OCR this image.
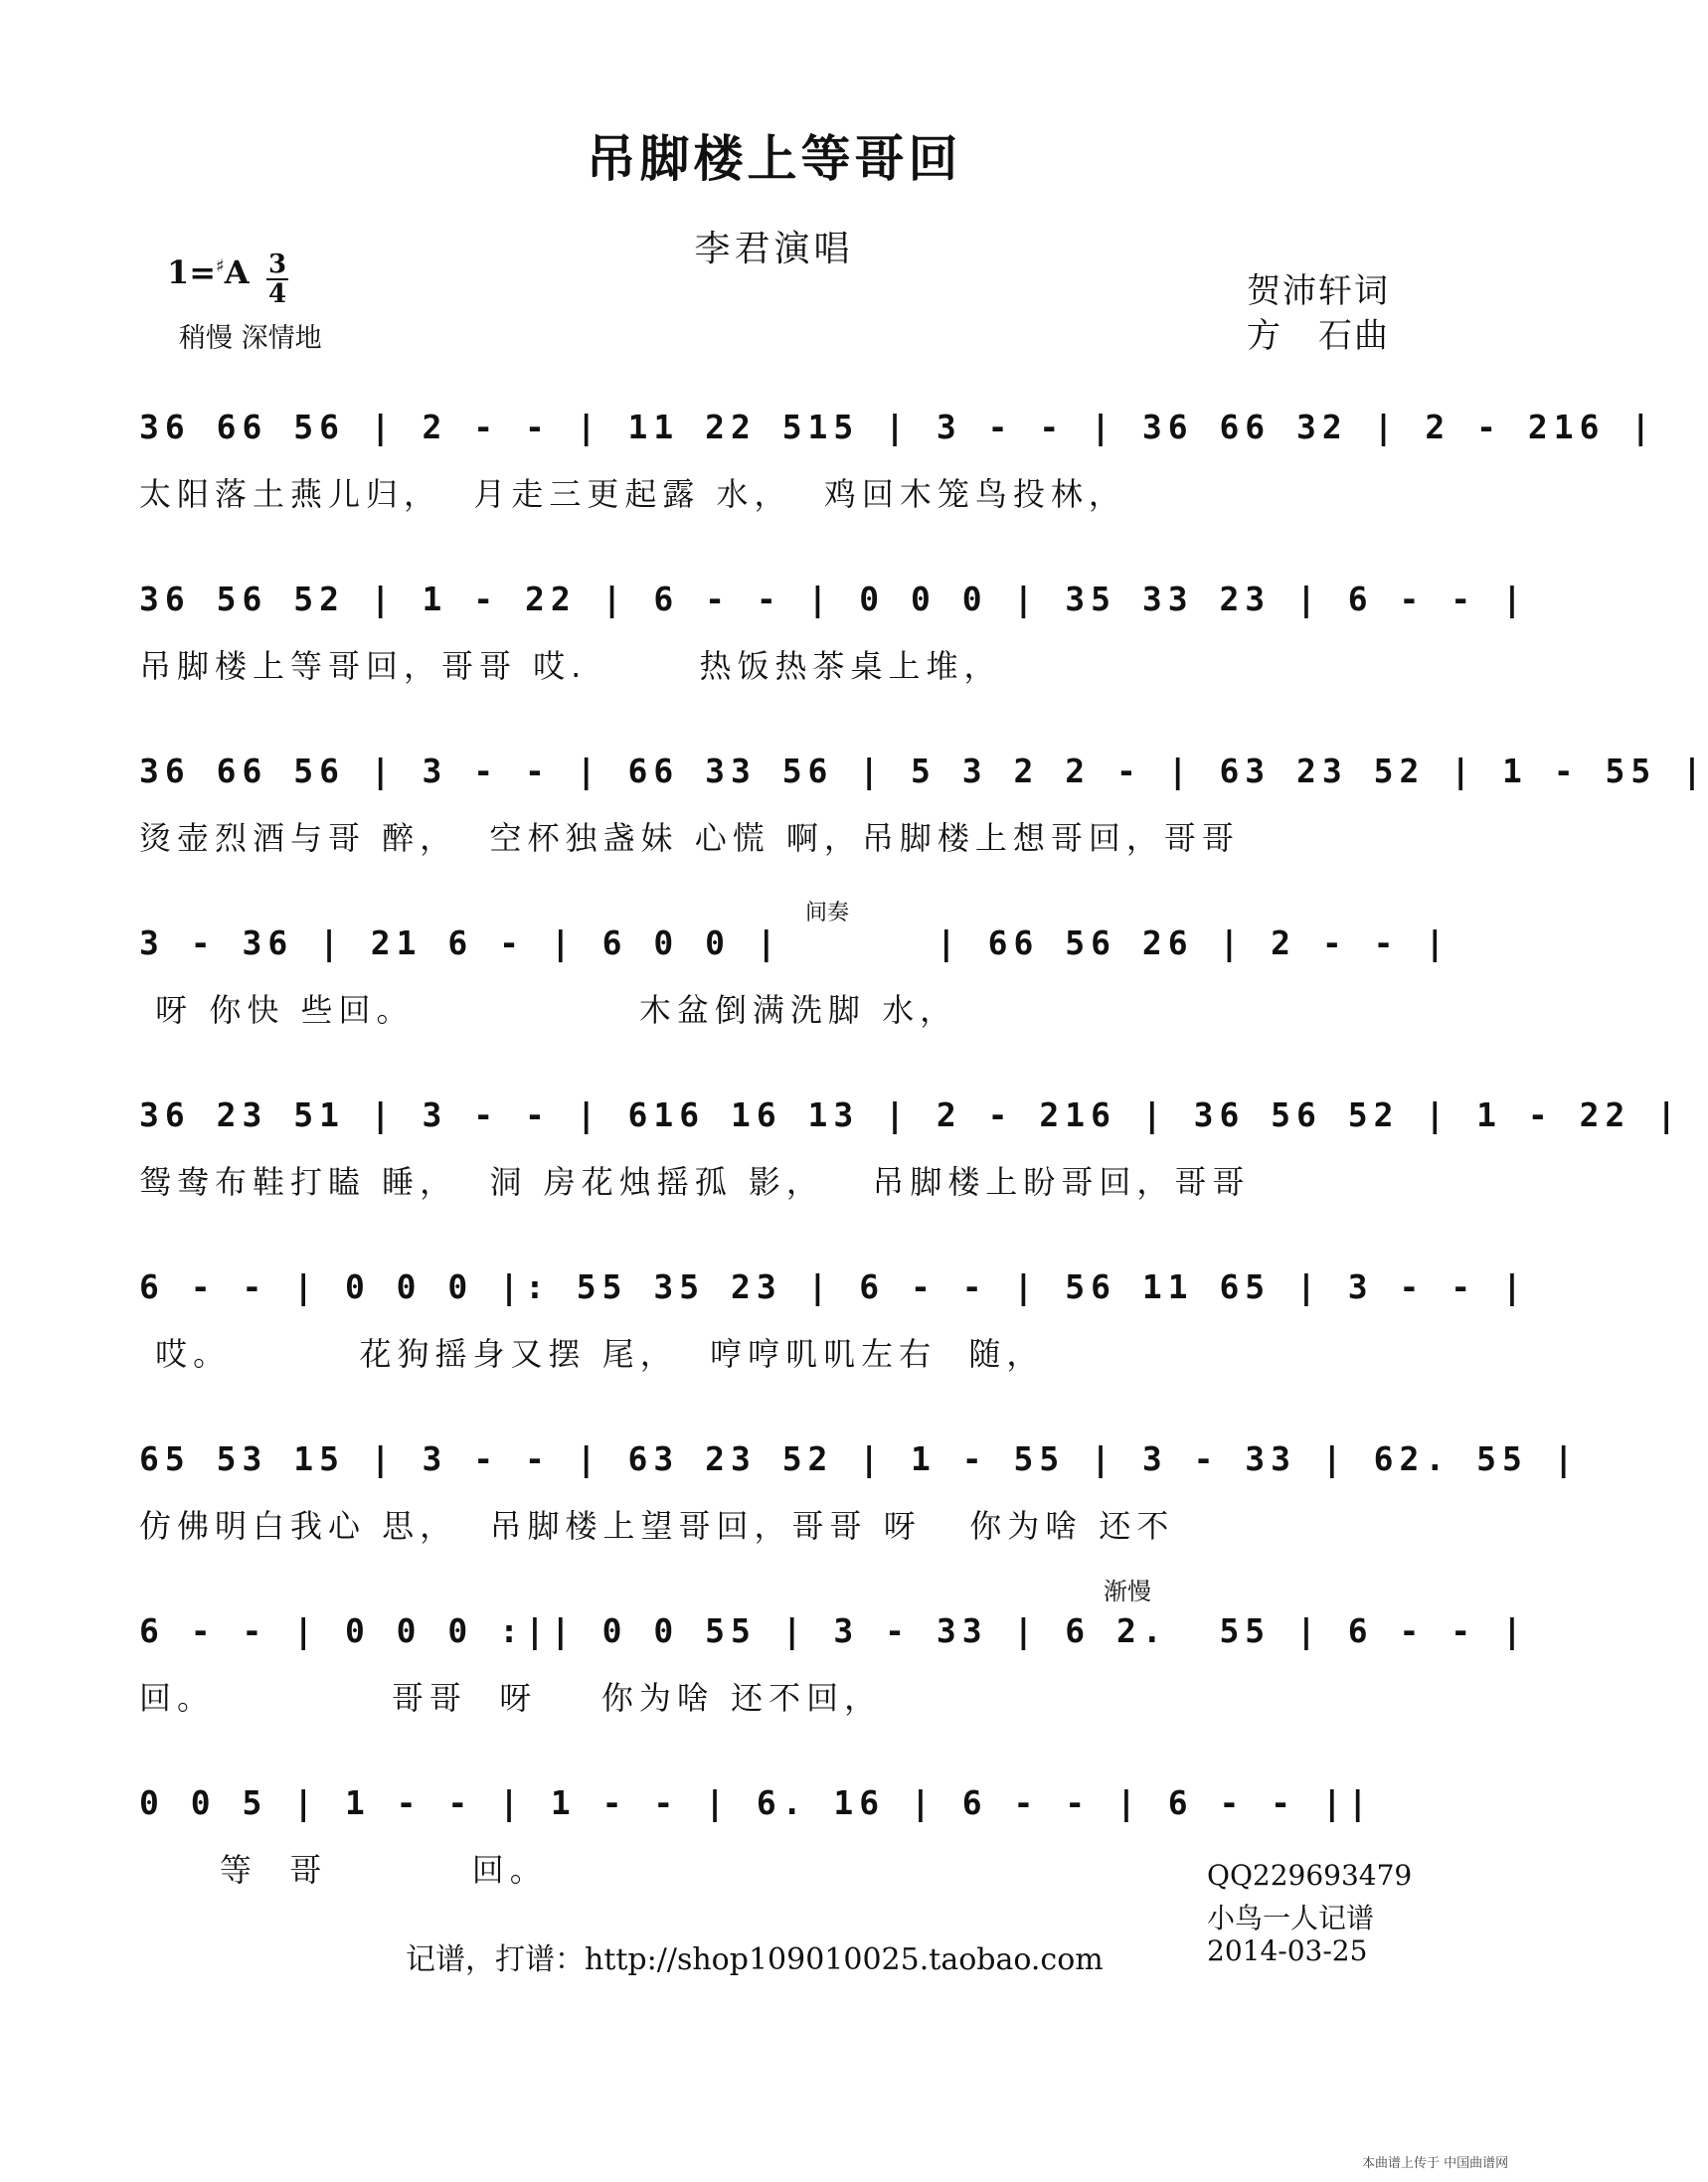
吊脚楼上等哥回
李君演唱
1=♯A 3
4
稍慢 深情地
贺沛轩词
方　石曲
36 66 56 | 2 - - | 11 22 515 | 3 - - | 36 66 32 | 2 - 216 |
太阳落土燕儿归，  月走三更起露 水，  鸡回木笼鸟投林，
36 56 52 | 1 - 22 | 6 - - | 0 0 0 | 35 33 23 | 6 - - |
吊脚楼上等哥回，哥哥 哎.       热饭热茶桌上堆，
36 66 56 | 3 - - | 66 33 56 | 5 3 2 2 - | 63 23 52 | 1 - 55 |
烫壶烈酒与哥 醉，  空杯独盏妹 心慌 啊，吊脚楼上想哥回，哥哥
3 - 36 | 21 6 - | 6 0 0 |      | 66 56 26 | 2 - - |
呀 你快 些回。              木盆倒满洗脚 水，
间奏
36 23 51 | 3 - - | 616 16 13 | 2 - 216 | 36 56 52 | 1 - 22 |
鸳鸯布鞋打瞌 睡，  洞 房花烛摇孤 影，   吊脚楼上盼哥回，哥哥
6 - - | 0 0 0 |: 55 35 23 | 6 - - | 56 11 65 | 3 - - |
哎。        花狗摇身又摆 尾，  哼哼叽叽左右  随，
65 53 15 | 3 - - | 63 23 52 | 1 - 55 | 3 - 33 | 62. 55 |
仿佛明白我心 思，  吊脚楼上望哥回，哥哥 呀   你为啥 还不
6 - - | 0 0 0 :|| 0 0 55 | 3 - 33 | 6 2.  55 | 6 - - |
回。           哥哥  呀    你为啥 还不回，
渐慢
0 0 5 | 1 - - | 1 - - | 6. 16 | 6 - - | 6 - - ||
等  哥         回。	QQ229693479
小鸟一人记谱
2014-03-25
记谱，打谱：http://shop109010025.taobao.com
本曲谱上传于 中国曲谱网
